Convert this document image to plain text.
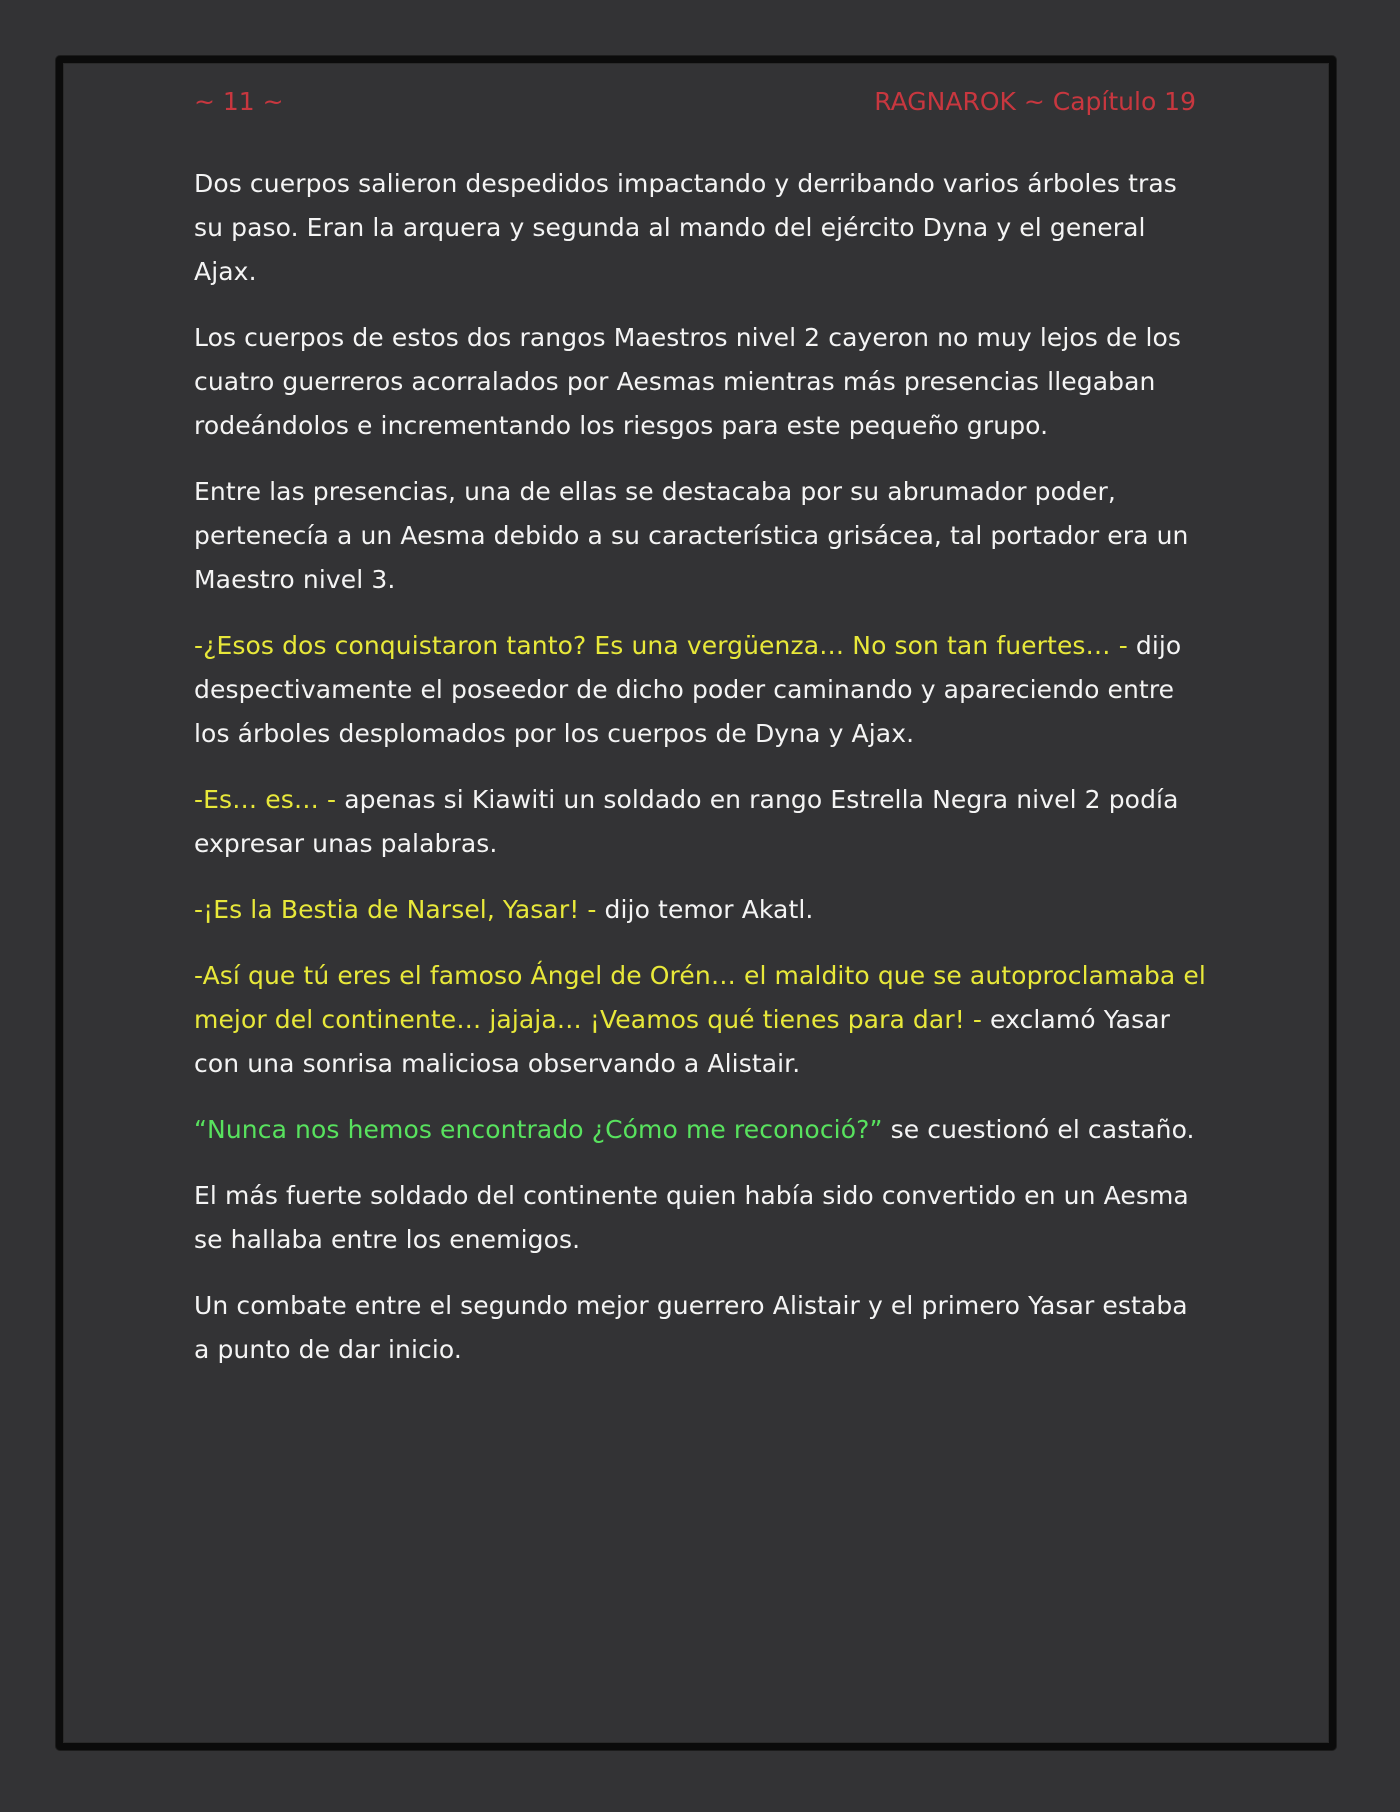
~ 11 ~	RAGNAROK ~ Capítulo 19

Dos cuerpos salieron despedidos impactando y derribando varios árboles tras su paso. Eran la arquera y segunda al mando del ejército Dyna y el general Ajax.

Los cuerpos de estos dos rangos Maestros nivel 2 cayeron no muy lejos de los cuatro guerreros acorralados por Aesmas mientras más presencias llegaban rodeándolos e incrementando los riesgos para este pequeño grupo.

Entre las presencias, una de ellas se destacaba por su abrumador poder, pertenecía a un Aesma debido a su característica grisácea, tal portador era un Maestro nivel 3.

-¿Esos dos conquistaron tanto? Es una vergüenza… No son tan fuertes… - dijo despectivamente el poseedor de dicho poder caminando y apareciendo entre los árboles desplomados por los cuerpos de Dyna y Ajax.

-Es… es… - apenas si Kiawiti un soldado en rango Estrella Negra nivel 2 podía expresar unas palabras.

-¡Es la Bestia de Narsel, Yasar! - dijo temor Akatl.

-Así que tú eres el famoso Ángel de Orén… el maldito que se autoproclamaba el mejor del continente… jajaja… ¡Veamos qué tienes para dar! - exclamó Yasar con una sonrisa maliciosa observando a Alistair.

“Nunca nos hemos encontrado ¿Cómo me reconoció?” se cuestionó el castaño.

El más fuerte soldado del continente quien había sido convertido en un Aesma se hallaba entre los enemigos.

Un combate entre el segundo mejor guerrero Alistair y el primero Yasar estaba a punto de dar inicio.
